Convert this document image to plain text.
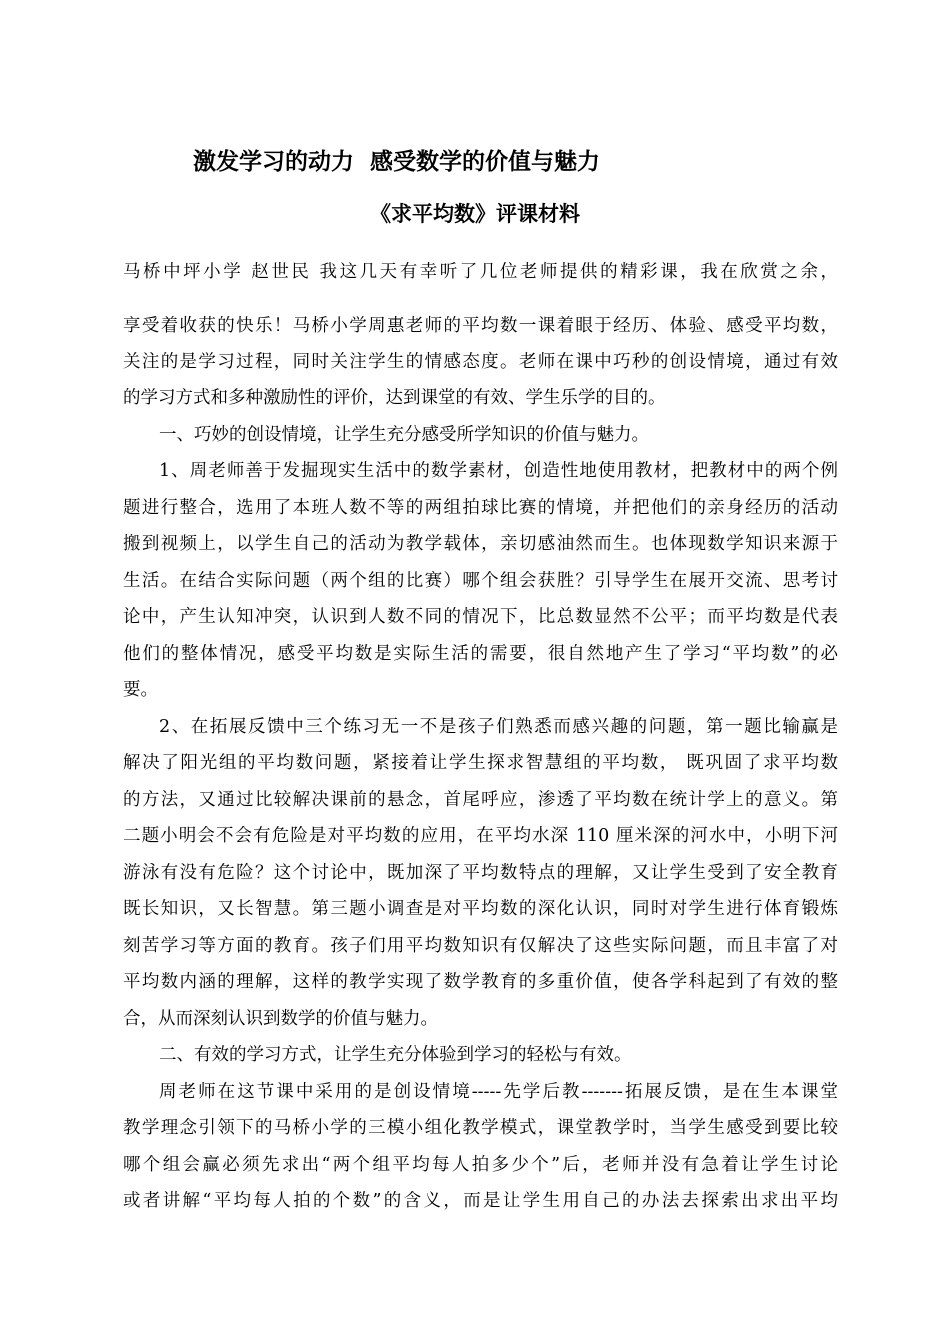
激发学习的动力  感受数学的价值与魅力
《求平均数》评课材料
马桥中坪小学 赵世民 我这几天有幸听了几位老师提供的精彩课，我在欣赏之余，
享受着收获的快乐！马桥小学周惠老师的平均数一课着眼于经历、体验、感受平均数，
关注的是学习过程，同时关注学生的情感态度。老师在课中巧秒的创设情境，通过有效
的学习方式和多种激励性的评价，达到课堂的有效、学生乐学的目的。
一、巧妙的创设情境，让学生充分感受所学知识的价值与魅力。
1、周老师善于发掘现实生活中的数学素材，创造性地使用教材，把教材中的两个例
题进行整合，选用了本班人数不等的两组拍球比赛的情境，并把他们的亲身经历的活动
搬到视频上，以学生自己的活动为教学载体，亲切感油然而生。也体现数学知识来源于
生活。在结合实际问题（两个组的比赛）哪个组会获胜？引导学生在展开交流、思考讨
论中，产生认知冲突，认识到人数不同的情况下，比总数显然不公平；而平均数是代表
他们的整体情况，感受平均数是实际生活的需要，很自然地产生了学习“平均数”的必
要。
2、在拓展反馈中三个练习无一不是孩子们熟悉而感兴趣的问题，第一题比输赢是
解决了阳光组的平均数问题，紧接着让学生探求智慧组的平均数， 既巩固了求平均数
的方法，又通过比较解决课前的悬念，首尾呼应，渗透了平均数在统计学上的意义。第
二题小明会不会有危险是对平均数的应用，在平均水深 110 厘米深的河水中，小明下河
游泳有没有危险？这个讨论中，既加深了平均数特点的理解，又让学生受到了安全教育
既长知识，又长智慧。第三题小调查是对平均数的深化认识，同时对学生进行体育锻炼
刻苦学习等方面的教育。孩子们用平均数知识有仅解决了这些实际问题，而且丰富了对
平均数内涵的理解，这样的教学实现了数学教育的多重价值，使各学科起到了有效的整
合，从而深刻认识到数学的价值与魅力。
二、有效的学习方式，让学生充分体验到学习的轻松与有效。
周老师在这节课中采用的是创设情境-----先学后教-------拓展反馈，是在生本课堂
教学理念引领下的马桥小学的三模小组化教学模式，课堂教学时，当学生感受到要比较
哪个组会赢必须先求出“两个组平均每人拍多少个”后，老师并没有急着让学生讨论
或者讲解“平均每人拍的个数”的含义，而是让学生用自己的办法去探索出求出平均
